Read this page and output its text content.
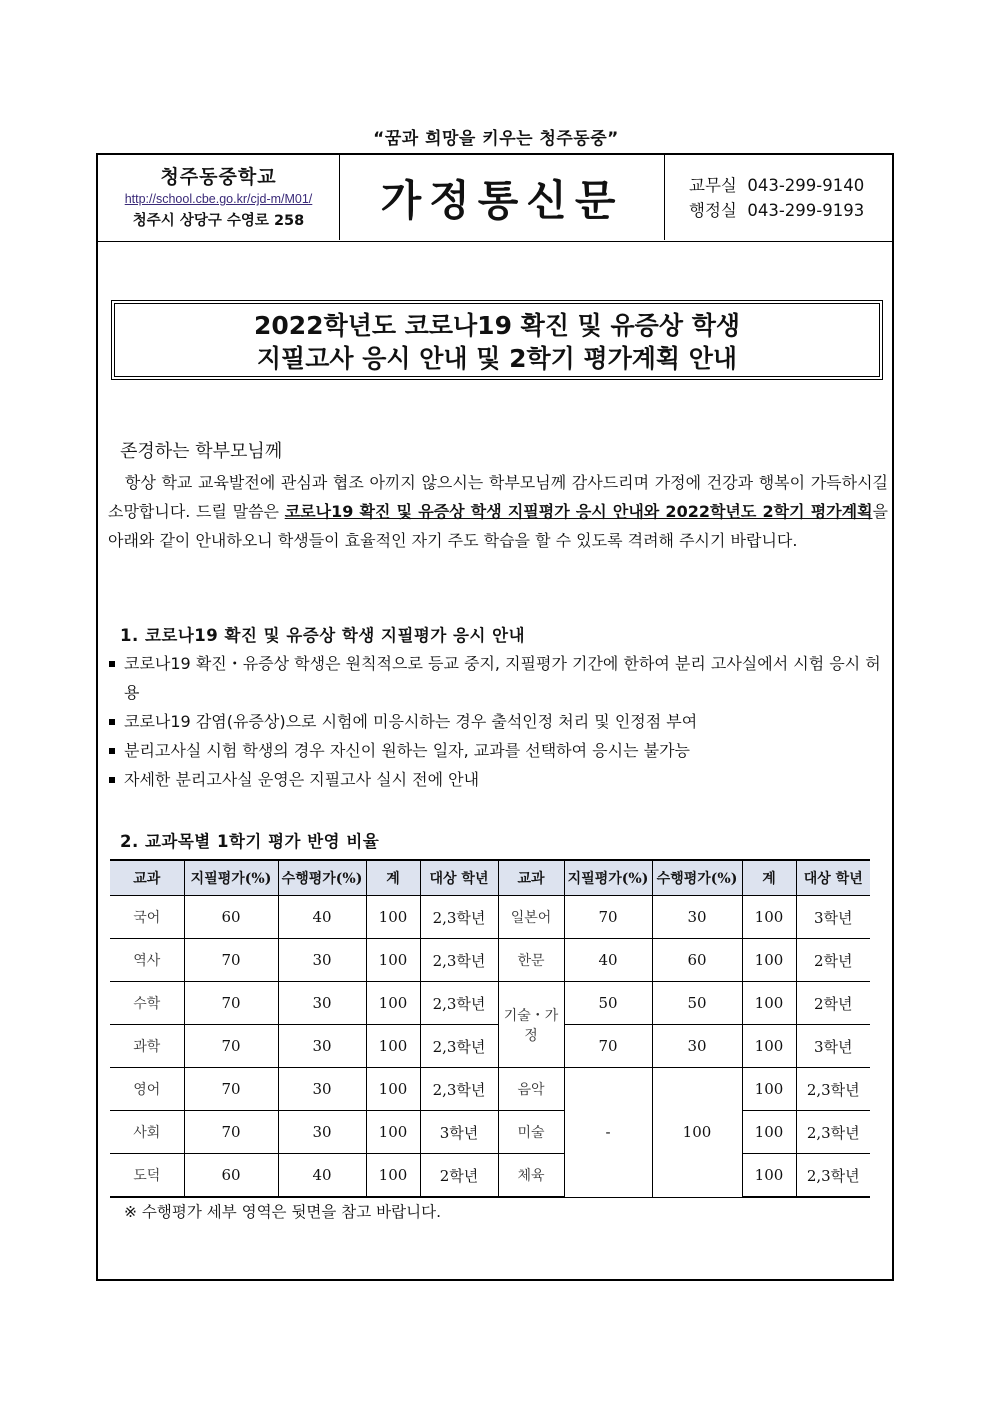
“꿈과 희망을 키우는 청주동중”
청주동중학교
http://school.cbe.go.kr/cjd-m/M01/
청주시 상당구 수영로 258	가정통신문	교무실 043-299-9140
행정실 043-299-9193
2022학년도 코로나19 확진 및 유증상 학생
지필고사 응시 안내 및 2학기 평가계획 안내
존경하는 학부모님께
항상 학교 교육발전에 관심과 협조 아끼지 않으시는 학부모님께 감사드리며 가정에 건강과 행복이 가득하시길 소망합니다. 드릴 말씀은 코로나19 확진 및 유증상 학생 지필평가 응시 안내와 2022학년도 2학기 평가계획을 아래와 같이 안내하오니 학생들이 효율적인 자기 주도 학습을 할 수 있도록 격려해 주시기 바랍니다.
1. 코로나19 확진 및 유증상 학생 지필평가 응시 안내
코로나19 확진・유증상 학생은 원칙적으로 등교 중지, 지필평가 기간에 한하여 분리 고사실에서 시험 응시 허용
코로나19 감염(유증상)으로 시험에 미응시하는 경우 출석인정 처리 및 인정점 부여
분리고사실 시험 학생의 경우 자신이 원하는 일자, 교과를 선택하여 응시는 불가능
자세한 분리고사실 운영은 지필고사 실시 전에 안내
2. 교과목별 1학기 평가 반영 비율
교과	지필평가(%)	수행평가(%)	계	대상 학년	교과	지필평가(%)	수행평가(%)	계	대상 학년
국어	60	40	100	2,3학년	일본어	70	30	100	3학년
역사	70	30	100	2,3학년	한문	40	60	100	2학년
수학	70	30	100	2,3학년	기술・가정	50	50	100	2학년
과학	70	30	100	2,3학년		70	30	100	3학년
영어	70	30	100	2,3학년	음악	-	100	100	2,3학년
사회	70	30	100	3학년	미술			100	2,3학년
도덕	60	40	100	2학년	체육			100	2,3학년
※ 수행평가 세부 영역은 뒷면을 참고 바랍니다.
